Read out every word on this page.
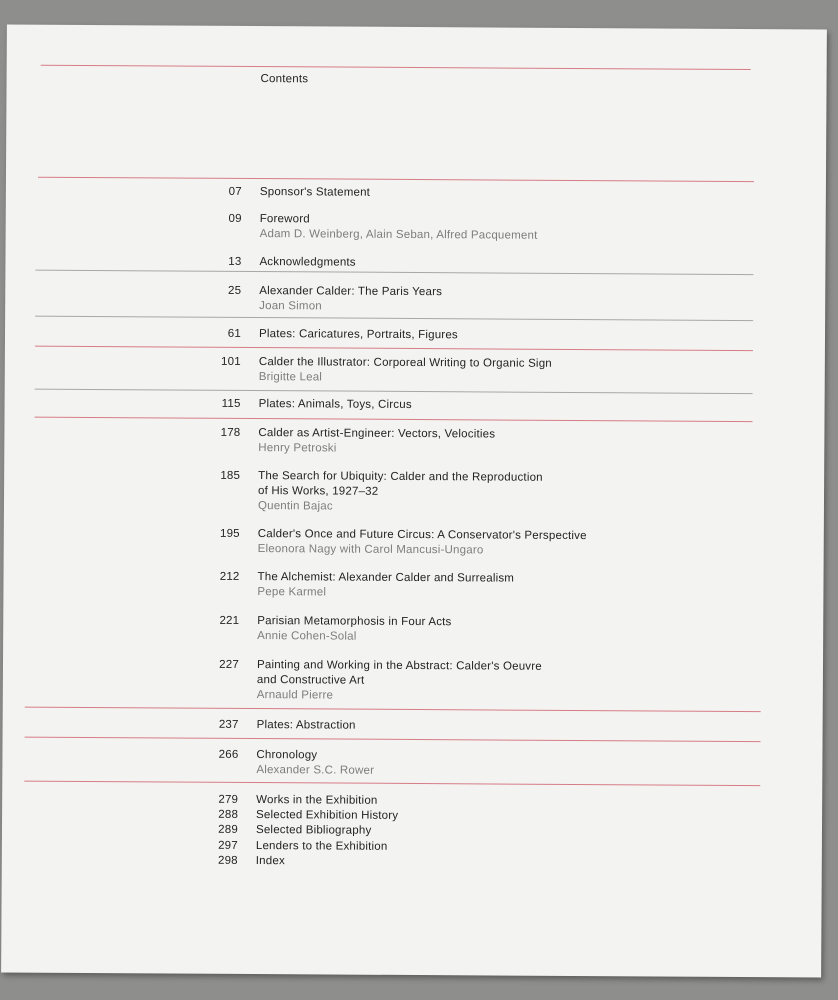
Contents
07 Sponsor's Statement
09 Foreword
Adam D. Weinberg, Alain Seban, Alfred Pacquement
13 Acknowledgments
25 Alexander Calder: The Paris Years
Joan Simon
61 Plates: Caricatures, Portraits, Figures
101 Calder the Illustrator: Corporeal Writing to Organic Sign
Brigitte Leal
115 Plates: Animals, Toys, Circus
178 Calder as Artist-Engineer: Vectors, Velocities
Henry Petroski
185 The Search for Ubiquity: Calder and the Reproduction
of His Works, 1927–32
Quentin Bajac
195 Calder's Once and Future Circus: A Conservator's Perspective
Eleonora Nagy with Carol Mancusi-Ungaro
212 The Alchemist: Alexander Calder and Surrealism
Pepe Karmel
221 Parisian Metamorphosis in Four Acts
Annie Cohen-Solal
227 Painting and Working in the Abstract: Calder's Oeuvre
and Constructive Art
Arnauld Pierre
237 Plates: Abstraction
266 Chronology
Alexander S.C. Rower
279 Works in the Exhibition
288 Selected Exhibition History
289 Selected Bibliography
297 Lenders to the Exhibition
298 Index
